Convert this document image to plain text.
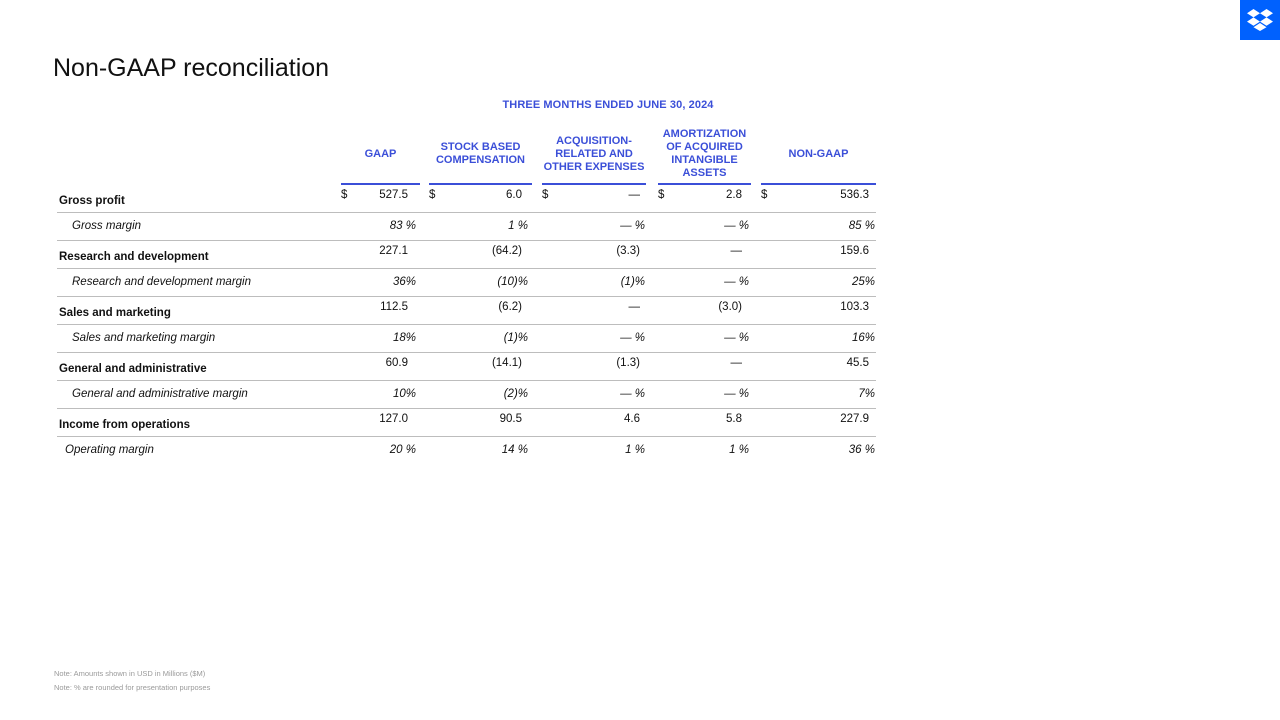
Non-GAAP reconciliation
THREE MONTHS ENDED JUNE 30, 2024
GAAP
STOCK BASED
COMPENSATION
ACQUISITION-
RELATED AND
OTHER EXPENSES
AMORTIZATION
OF ACQUIRED
INTANGIBLE
ASSETS
NON-GAAP
Gross profit	$	527.5 $	6.0 $	— $	2.8 $	536.3
Gross margin	83 %	1 %	— %	— %	85 %
Research and development	227.1	(64.2)	(3.3)	—	159.6
Research and development margin	36%	(10)%	(1)%	— %	25%
Sales and marketing	112.5	(6.2)	—	(3.0)	103.3
Sales and marketing margin	18%	(1)%	— %	— %	16%
General and administrative	60.9	(14.1)	(1.3)	—	45.5
General and administrative margin	10%	(2)%	— %	— %	7%
Income from operations	127.0	90.5	4.6	5.8	227.9
Operating margin	20 %	14 %	1 %	1 %	36 %
Note: Amounts shown in USD in Millions ($M)
Note: % are rounded for presentation purposes
